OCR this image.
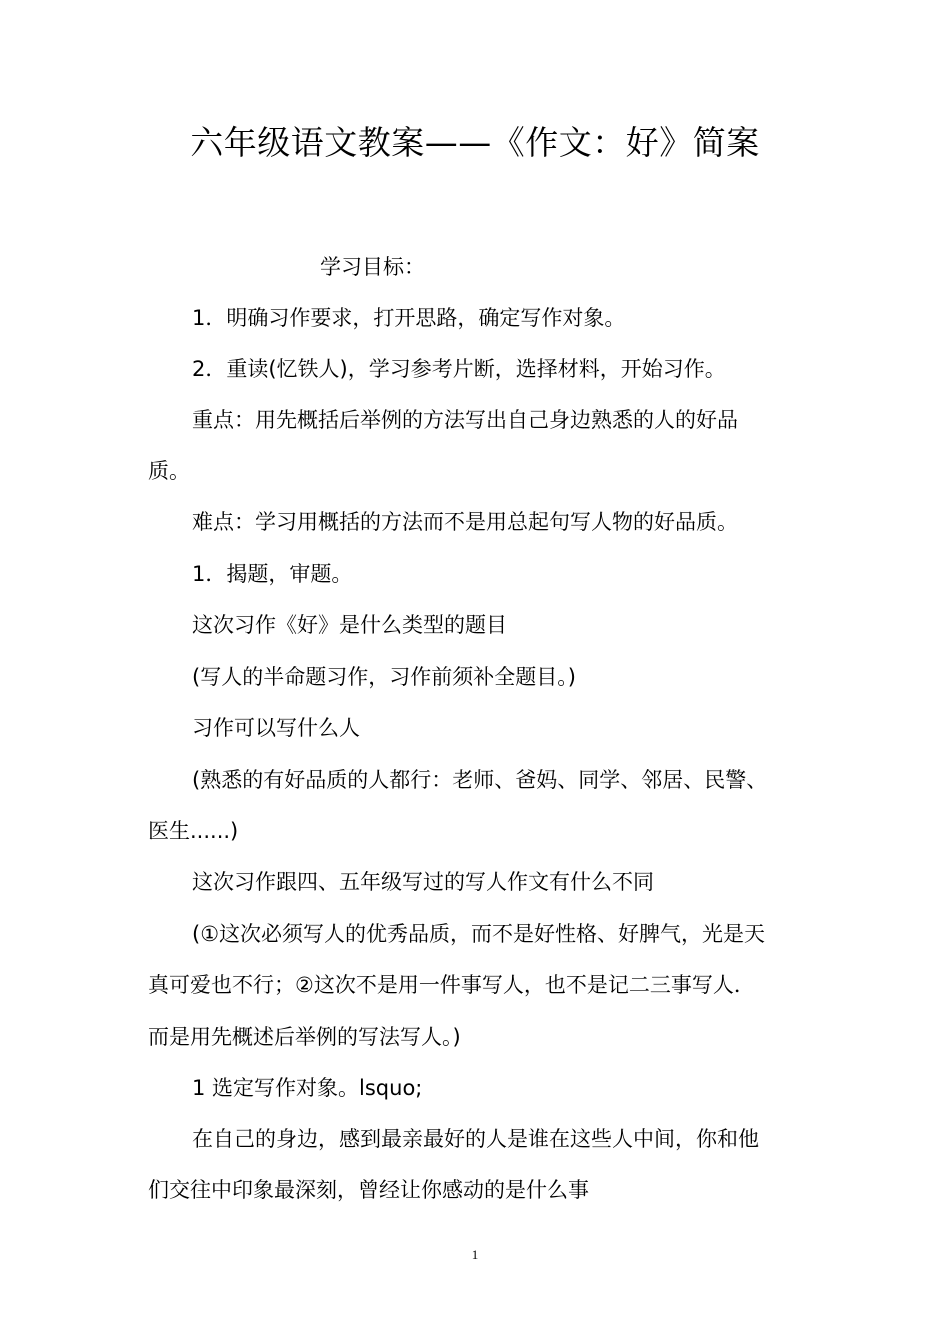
六年级语文教案——《作文：好》简案
学习目标：
1．明确习作要求，打开思路，确定写作对象。
2．重读(忆铁人)，学习参考片断，选择材料，开始习作。
重点：用先概括后举例的方法写出自己身边熟悉的人的好品
质。
难点：学习用概括的方法而不是用总起句写人物的好品质。
1．揭题，审题。
这次习作《好》是什么类型的题目
(写人的半命题习作，习作前须补全题目。)
习作可以写什么人
(熟悉的有好品质的人都行：老师、爸妈、同学、邻居、民警、
医生......)
这次习作跟四、五年级写过的写人作文有什么不同
(①这次必须写人的优秀品质，而不是好性格、好脾气，光是天
真可爱也不行；②这次不是用一件事写人，也不是记二三事写人．
而是用先概述后举例的写法写人。)
1 选定写作对象。lsquo;
在自己的身边，感到最亲最好的人是谁在这些人中间，你和他
们交往中印象最深刻，曾经让你感动的是什么事
1
